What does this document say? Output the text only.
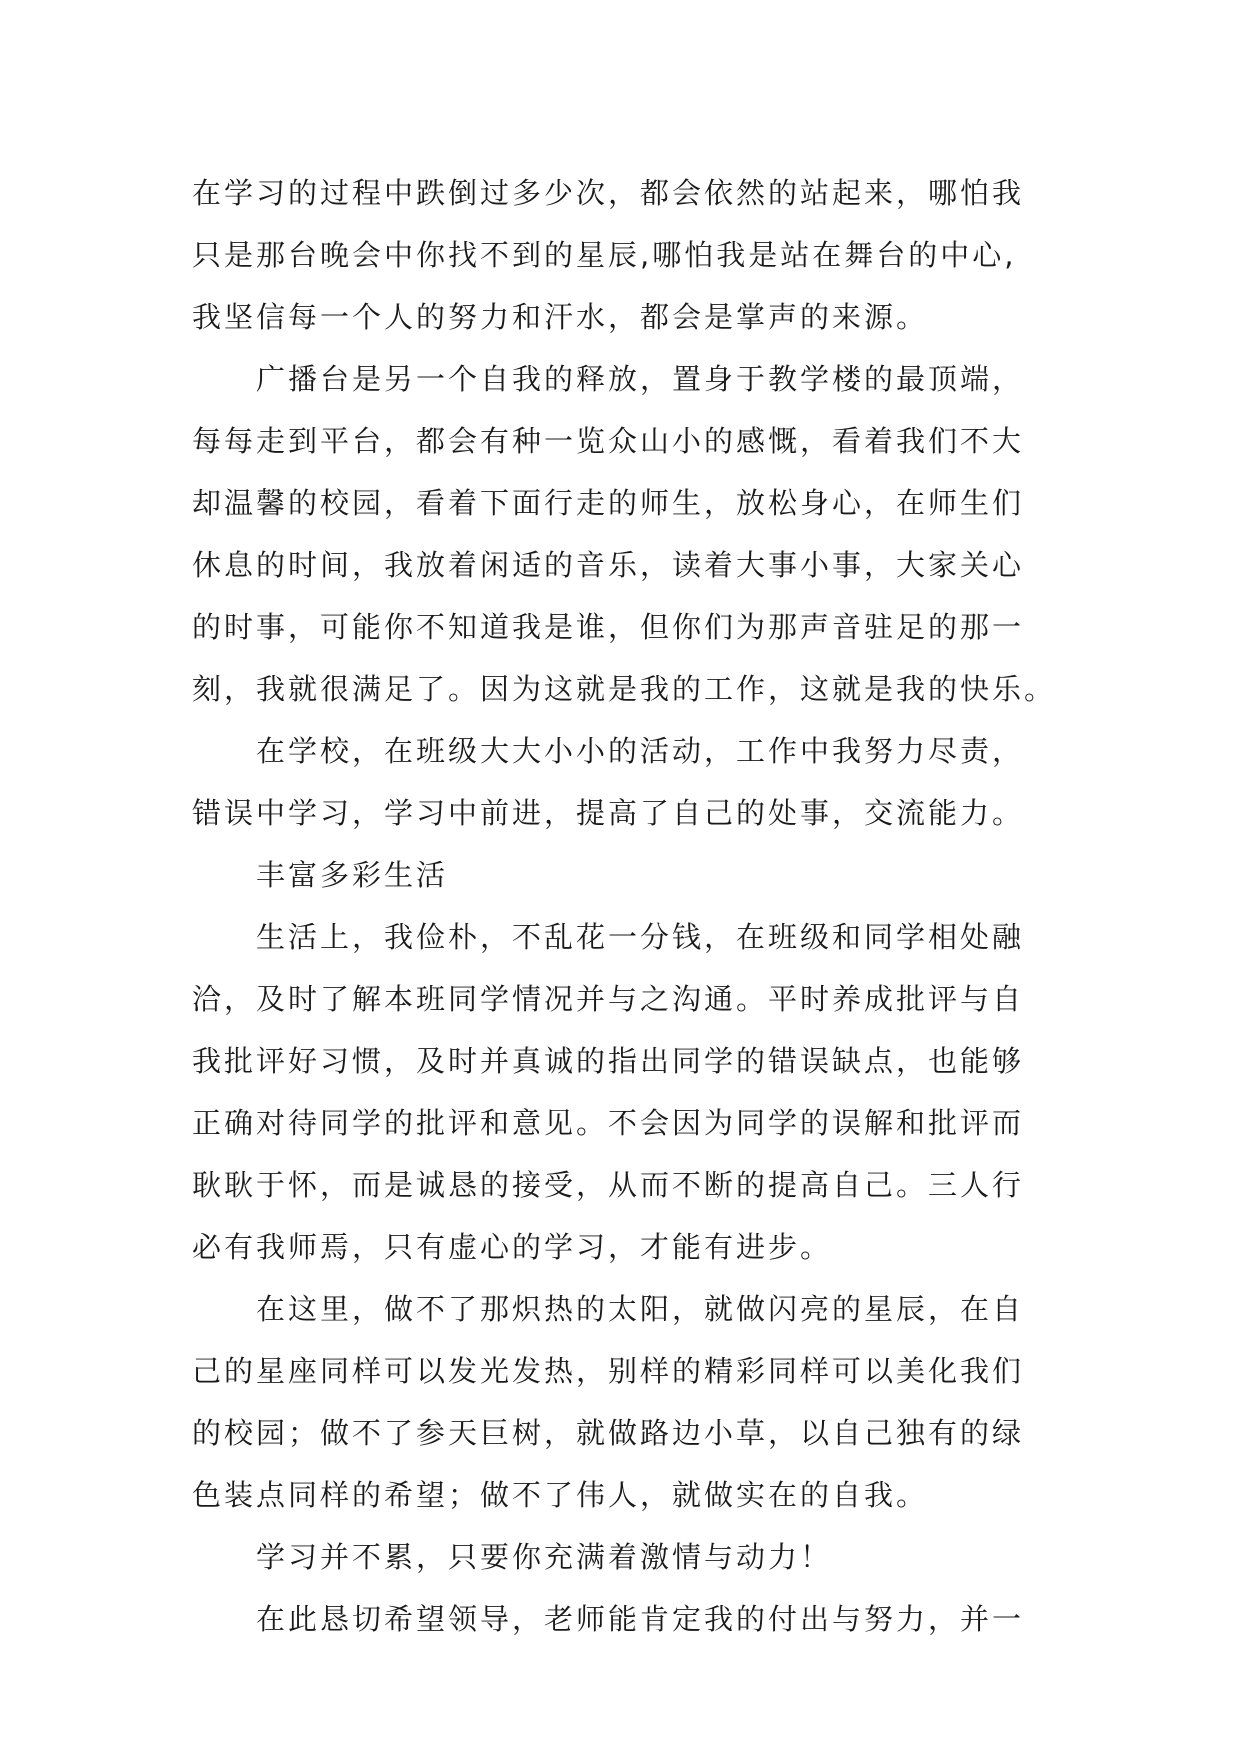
在学习的过程中跌倒过多少次，都会依然的站起来，哪怕我
只是那台晚会中你找不到的星辰,哪怕我是站在舞台的中心,
我坚信每一个人的努力和汗水，都会是掌声的来源。
广播台是另一个自我的释放，置身于教学楼的最顶端，
每每走到平台，都会有种一览众山小的感慨，看着我们不大
却温馨的校园，看着下面行走的师生，放松身心，在师生们
休息的时间，我放着闲适的音乐，读着大事小事，大家关心
的时事，可能你不知道我是谁，但你们为那声音驻足的那一
刻，我就很满足了。因为这就是我的工作，这就是我的快乐。
在学校，在班级大大小小的活动，工作中我努力尽责，
错误中学习，学习中前进，提高了自己的处事，交流能力。
丰富多彩生活
生活上，我俭朴，不乱花一分钱，在班级和同学相处融
洽，及时了解本班同学情况并与之沟通。平时养成批评与自
我批评好习惯，及时并真诚的指出同学的错误缺点，也能够
正确对待同学的批评和意见。不会因为同学的误解和批评而
耿耿于怀，而是诚恳的接受，从而不断的提高自己。三人行
必有我师焉，只有虚心的学习，才能有进步。
在这里，做不了那炽热的太阳，就做闪亮的星辰，在自
己的星座同样可以发光发热，别样的精彩同样可以美化我们
的校园；做不了参天巨树，就做路边小草，以自己独有的绿
色装点同样的希望；做不了伟人，就做实在的自我。
学习并不累，只要你充满着激情与动力！
在此恳切希望领导，老师能肯定我的付出与努力，并一
